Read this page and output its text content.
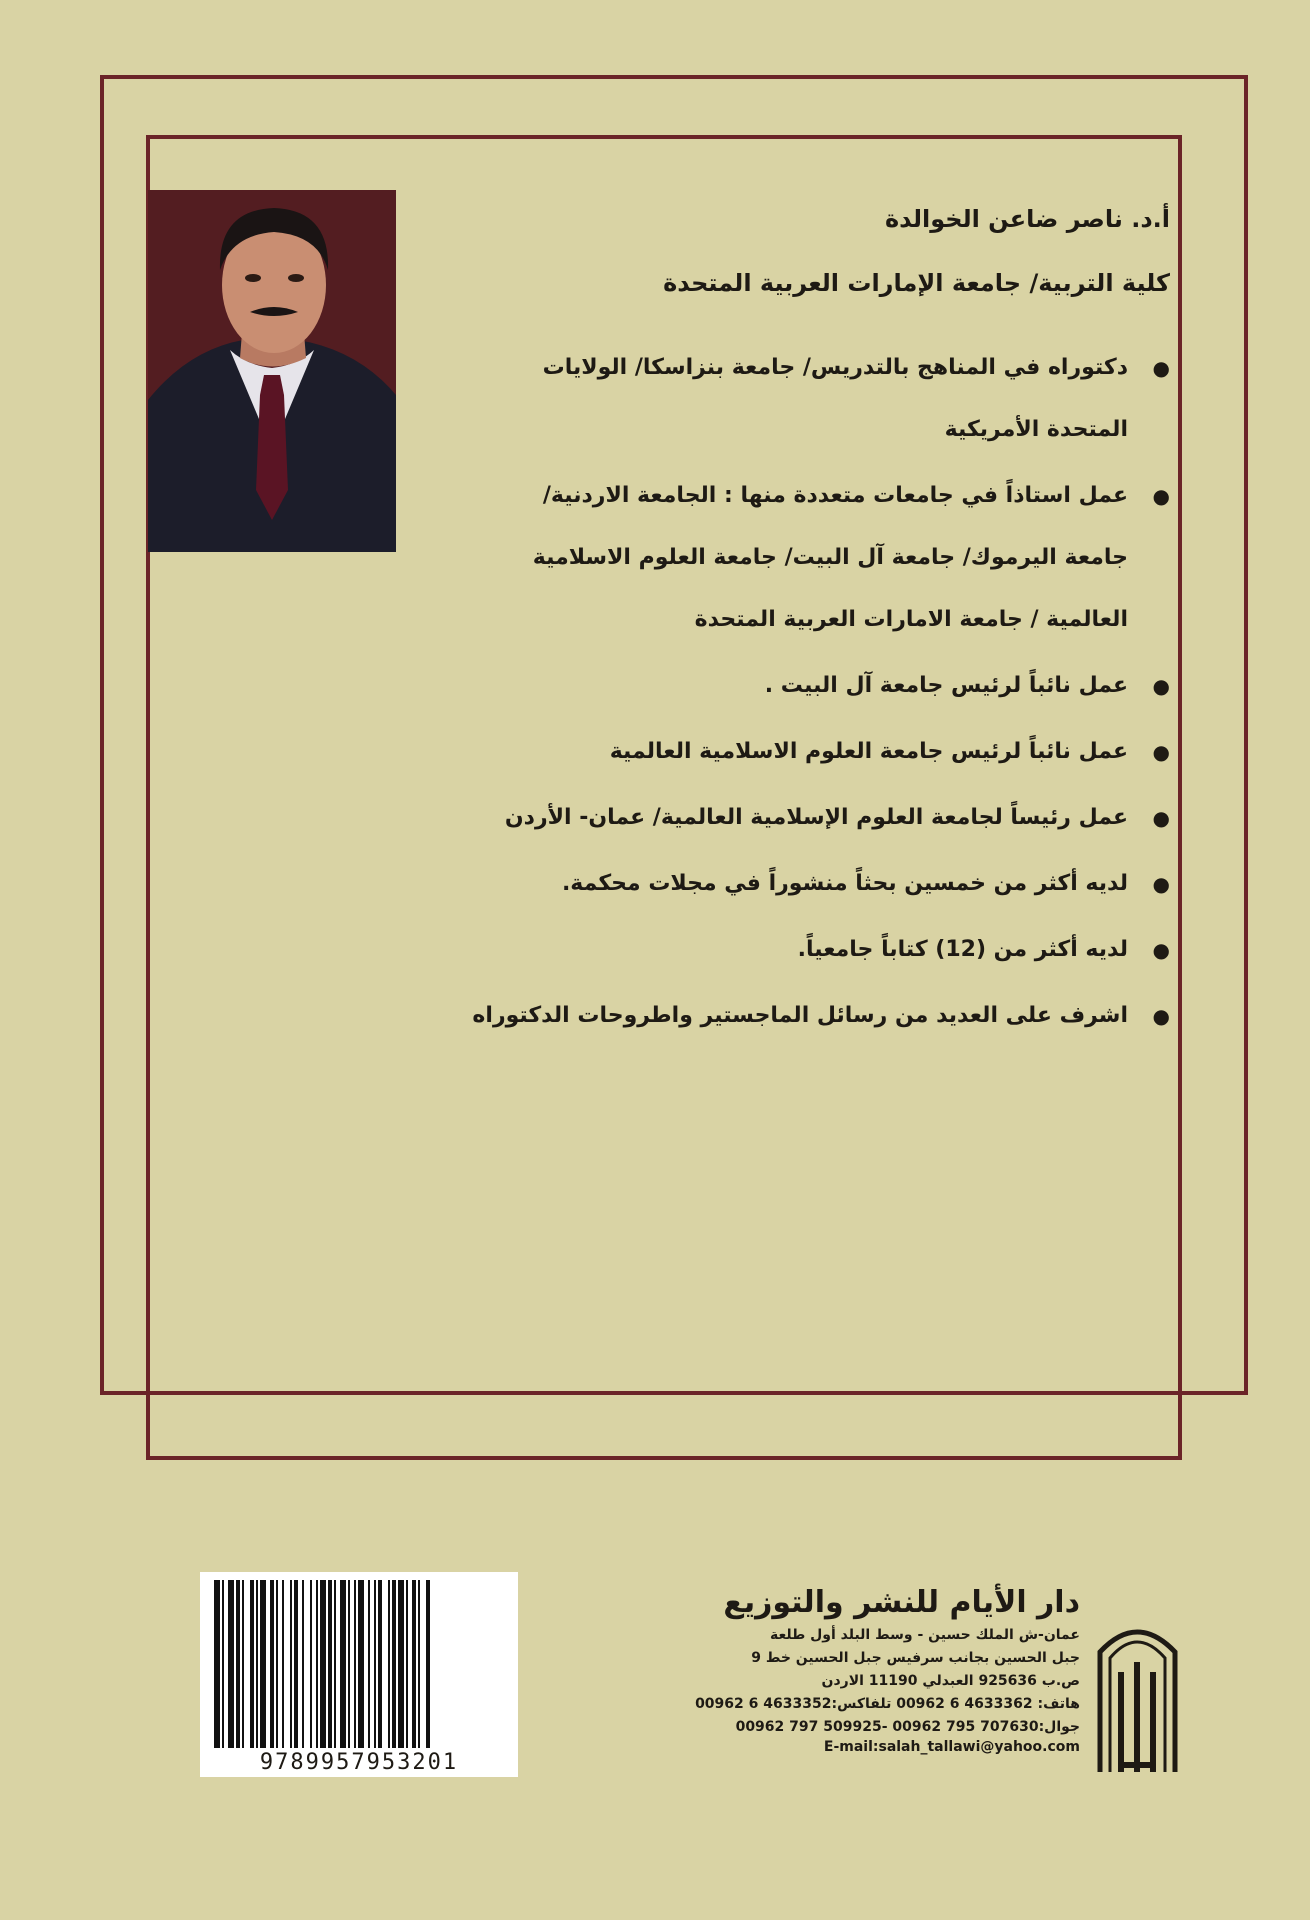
أ.د. ناصر ضاعن الخوالدة
كلية التربية/ جامعة الإمارات العربية المتحدة
●
دكتوراه في المناهج بالتدريس/ جامعة بنزاسكا/ الولايات
المتحدة الأمريكية
●
عمل استاذاً في جامعات متعددة منها : الجامعة الاردنية/
جامعة اليرموك/ جامعة آل البيت/ جامعة العلوم الاسلامية
العالمية / جامعة الامارات العربية المتحدة
●
عمل نائباً لرئيس جامعة آل البيت .
●
عمل نائباً لرئيس جامعة العلوم الاسلامية العالمية
●
عمل رئيساً لجامعة العلوم الإسلامية العالمية/ عمان- الأردن
●
لديه أكثر من خمسين بحثاً منشوراً في مجلات محكمة.
●
لديه أكثر من (12) كتاباً جامعياً.
●
اشرف على العديد من رسائل الماجستير واطروحات الدكتوراه
9789957953201
دار الأيام للنشر والتوزيع
عمان-ش الملك حسين - وسط البلد أول طلعة
جبل الحسين بجانب سرفيس جبل الحسين خط 9
ص.ب 925636 العبدلي 11190 الاردن
هاتف: 4633362 6 00962 تلفاكس:4633352 6 00962
جوال:707630 795 00962 -509925 797 00962
E-mail:salah_tallawi@yahoo.com
